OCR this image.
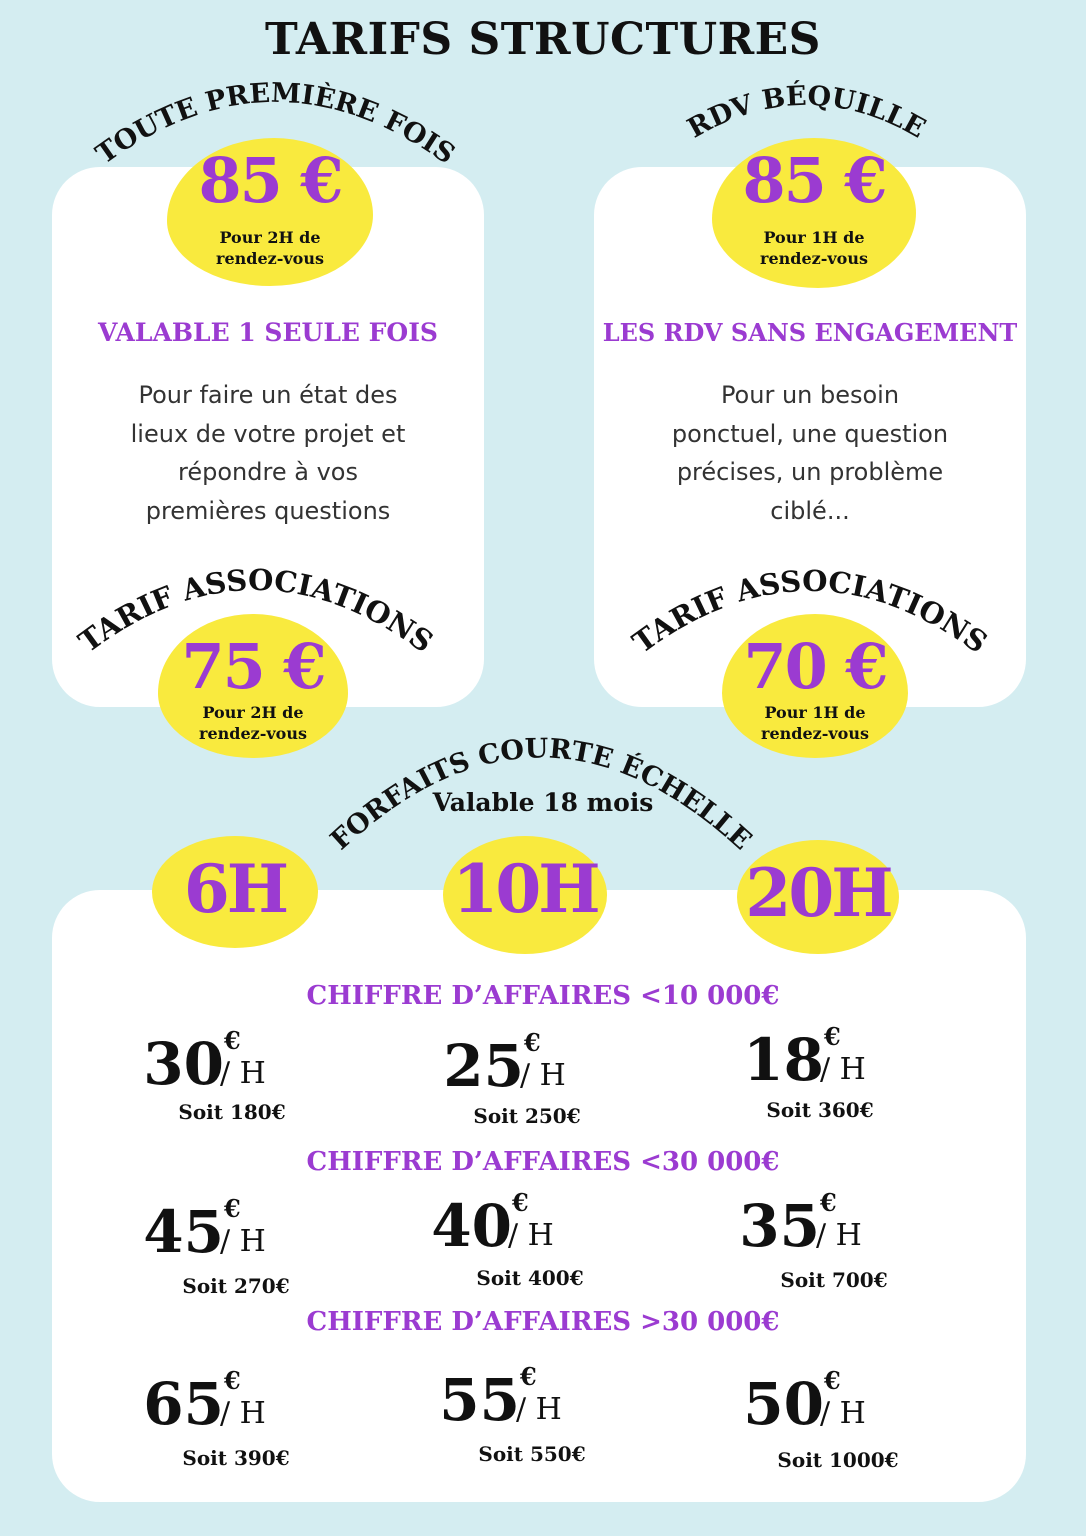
TARIFS STRUCTURES
TOUTE PREMIÈRE FOIS
RDV BÉQUILLE
TARIF ASSOCIATIONS	TARIF ASSOCIATIONS
FORFAITS COURTE ÉCHELLE
85 €
Pour 2H de
rendez-vous
VALABLE 1 SEULE FOIS
Pour faire un état des
lieux de votre projet et
répondre à vos
premières questions
75 €
Pour 2H de
rendez-vous
85 €
Pour 1H de
rendez-vous
LES RDV SANS ENGAGEMENT
Pour un besoin
ponctuel, une question
précises, un problème
ciblé...
70 €
Pour 1H de
rendez-vous
Valable 18 mois
6H	10H 20H
CHIFFRE D’AFFAIRES <10 000€
30 €
/ H
Soit 180€
25 €
/ H
Soit 250€
18 €
/ H
Soit 360€
CHIFFRE D’AFFAIRES <30 000€
45 €
/ H
Soit 270€
40 €
/ H
Soit 400€
35 €
/ H
Soit 700€
CHIFFRE D’AFFAIRES >30 000€
65 €
/ H
Soit 390€
55 €
/ H
Soit 550€
50 €
/ H
Soit 1000€
